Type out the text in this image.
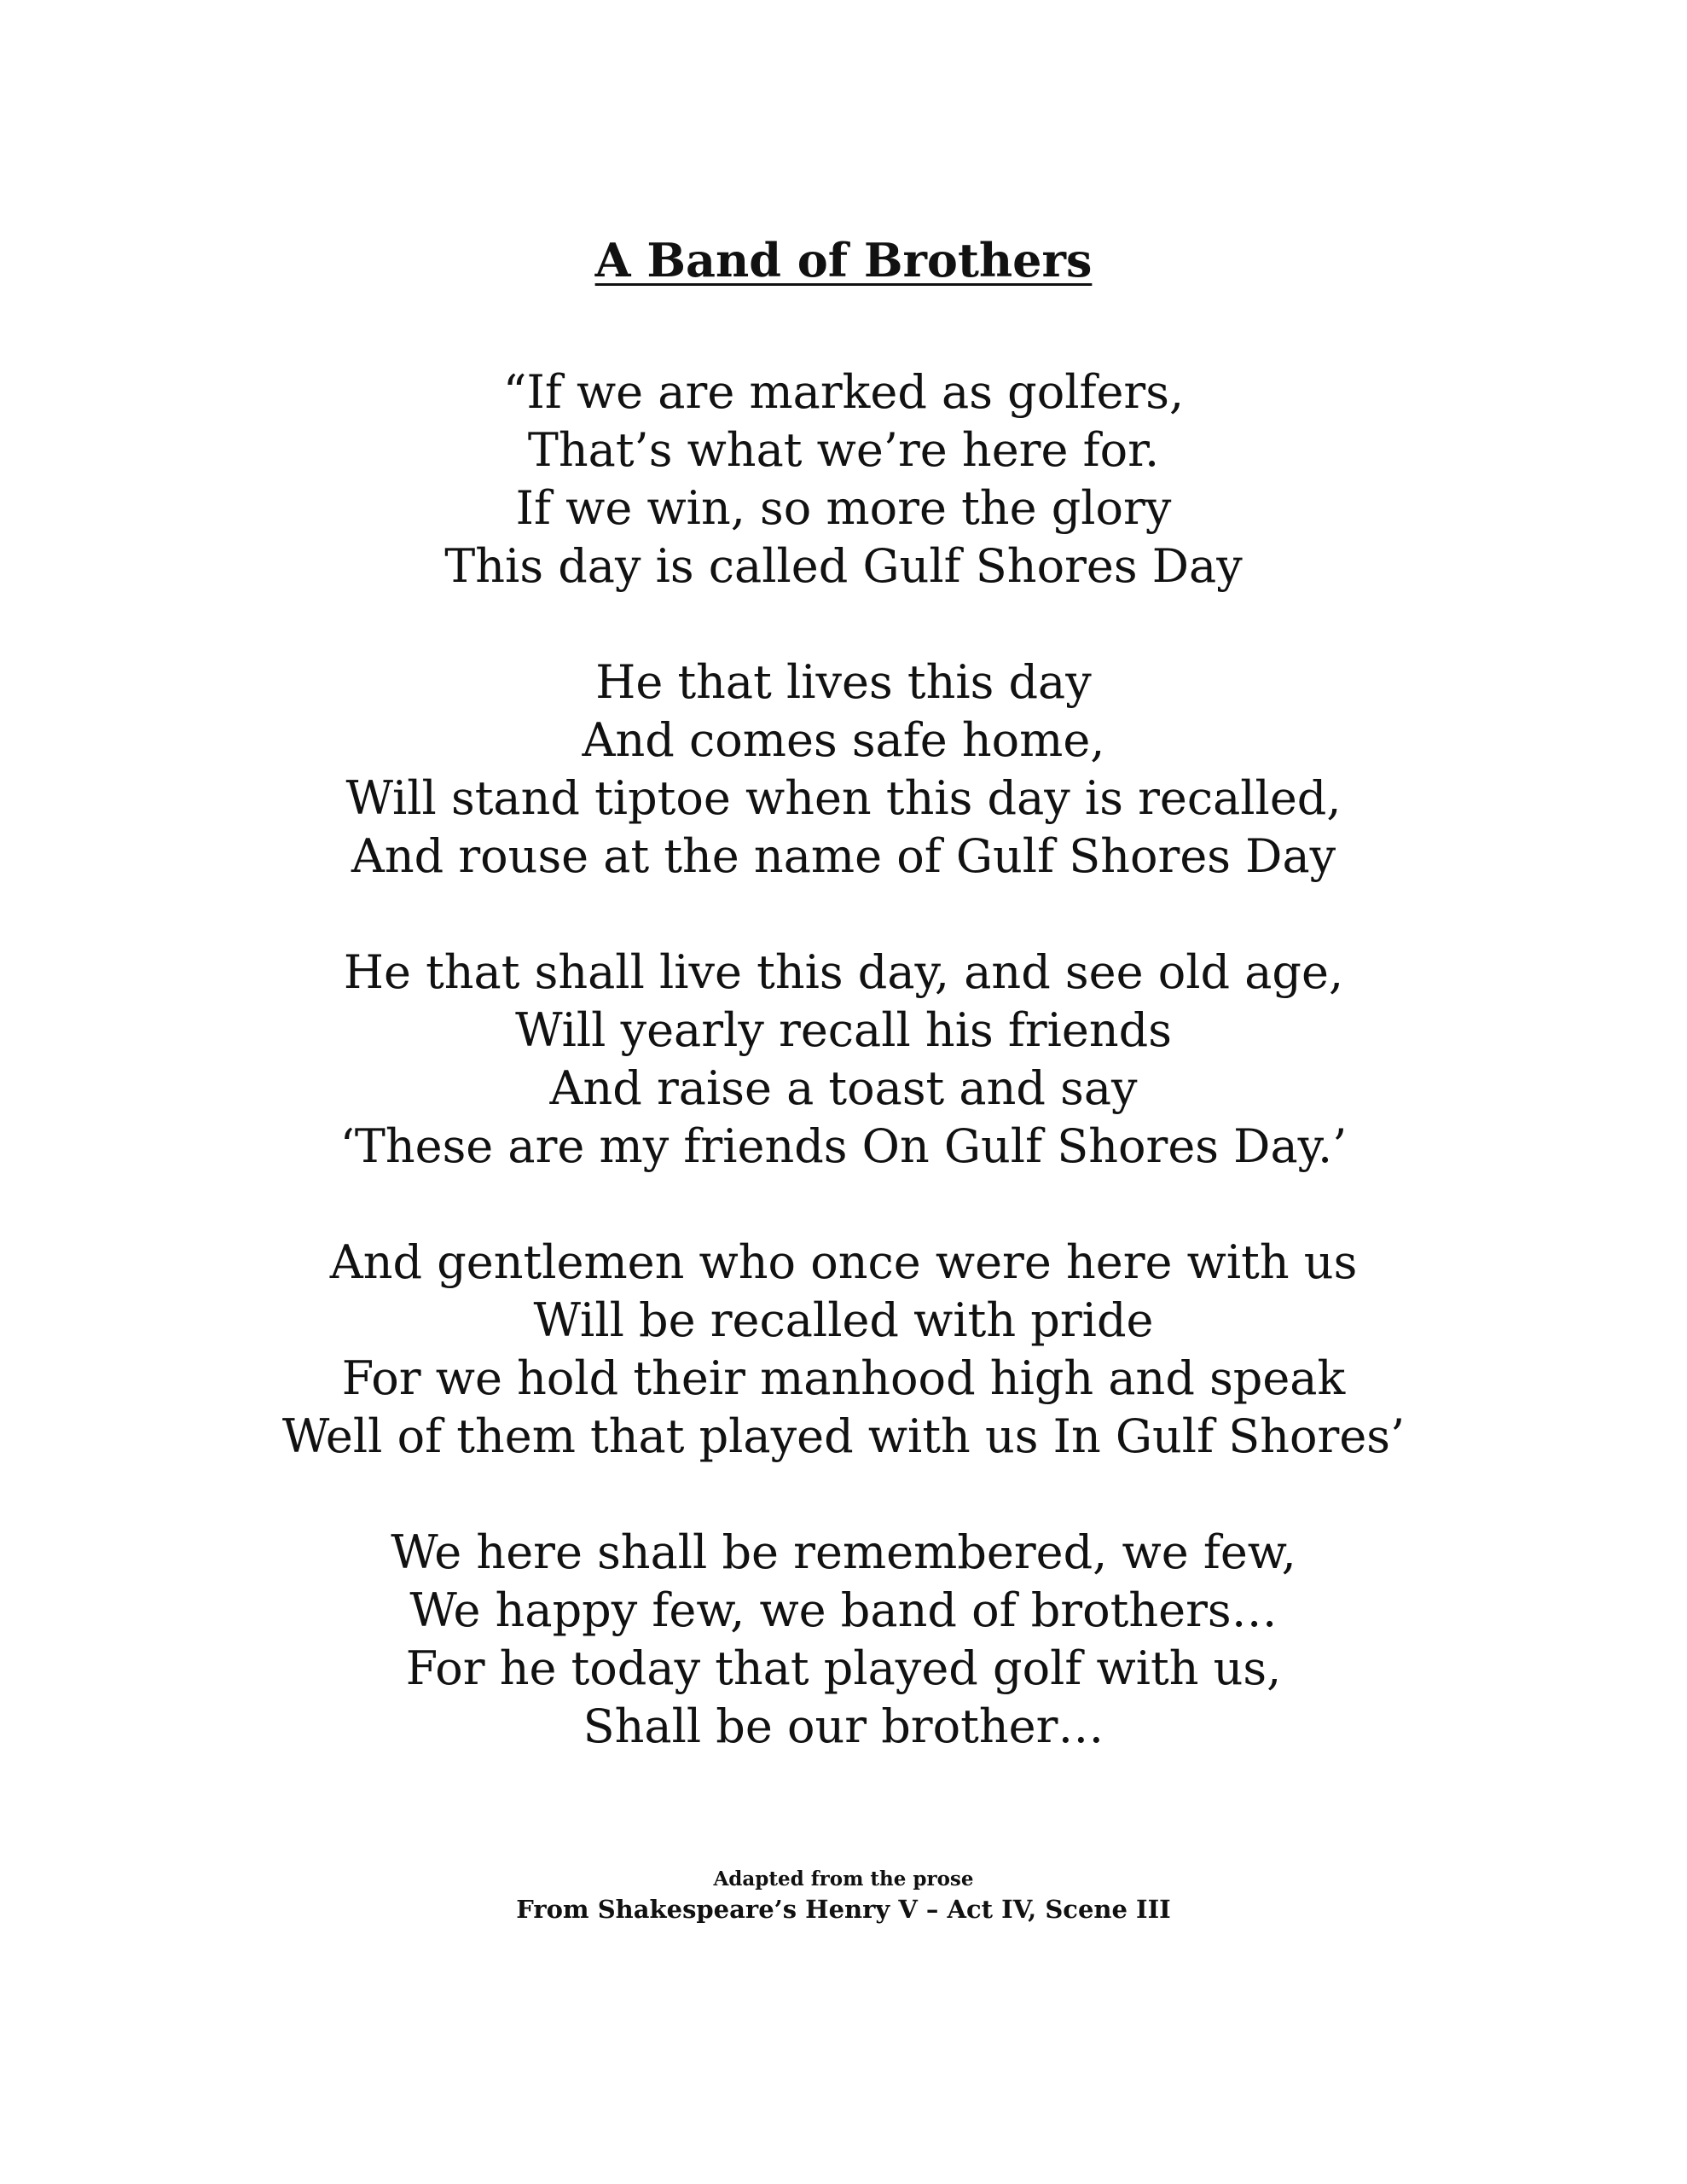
A Band of Brothers
“If we are marked as golfers,
That’s what we’re here for.
If we win, so more the glory
This day is called Gulf Shores Day
He that lives this day
And comes safe home,
Will stand tiptoe when this day is recalled,
And rouse at the name of Gulf Shores Day
He that shall live this day, and see old age,
Will yearly recall his friends
And raise a toast and say
‘These are my friends On Gulf Shores Day.’
And gentlemen who once were here with us
Will be recalled with pride
For we hold their manhood high and speak
Well of them that played with us In Gulf Shores’
We here shall be remembered, we few,
We happy few, we band of brothers…
For he today that played golf with us,
Shall be our brother…
Adapted from the prose
From Shakespeare’s Henry V – Act IV, Scene III
